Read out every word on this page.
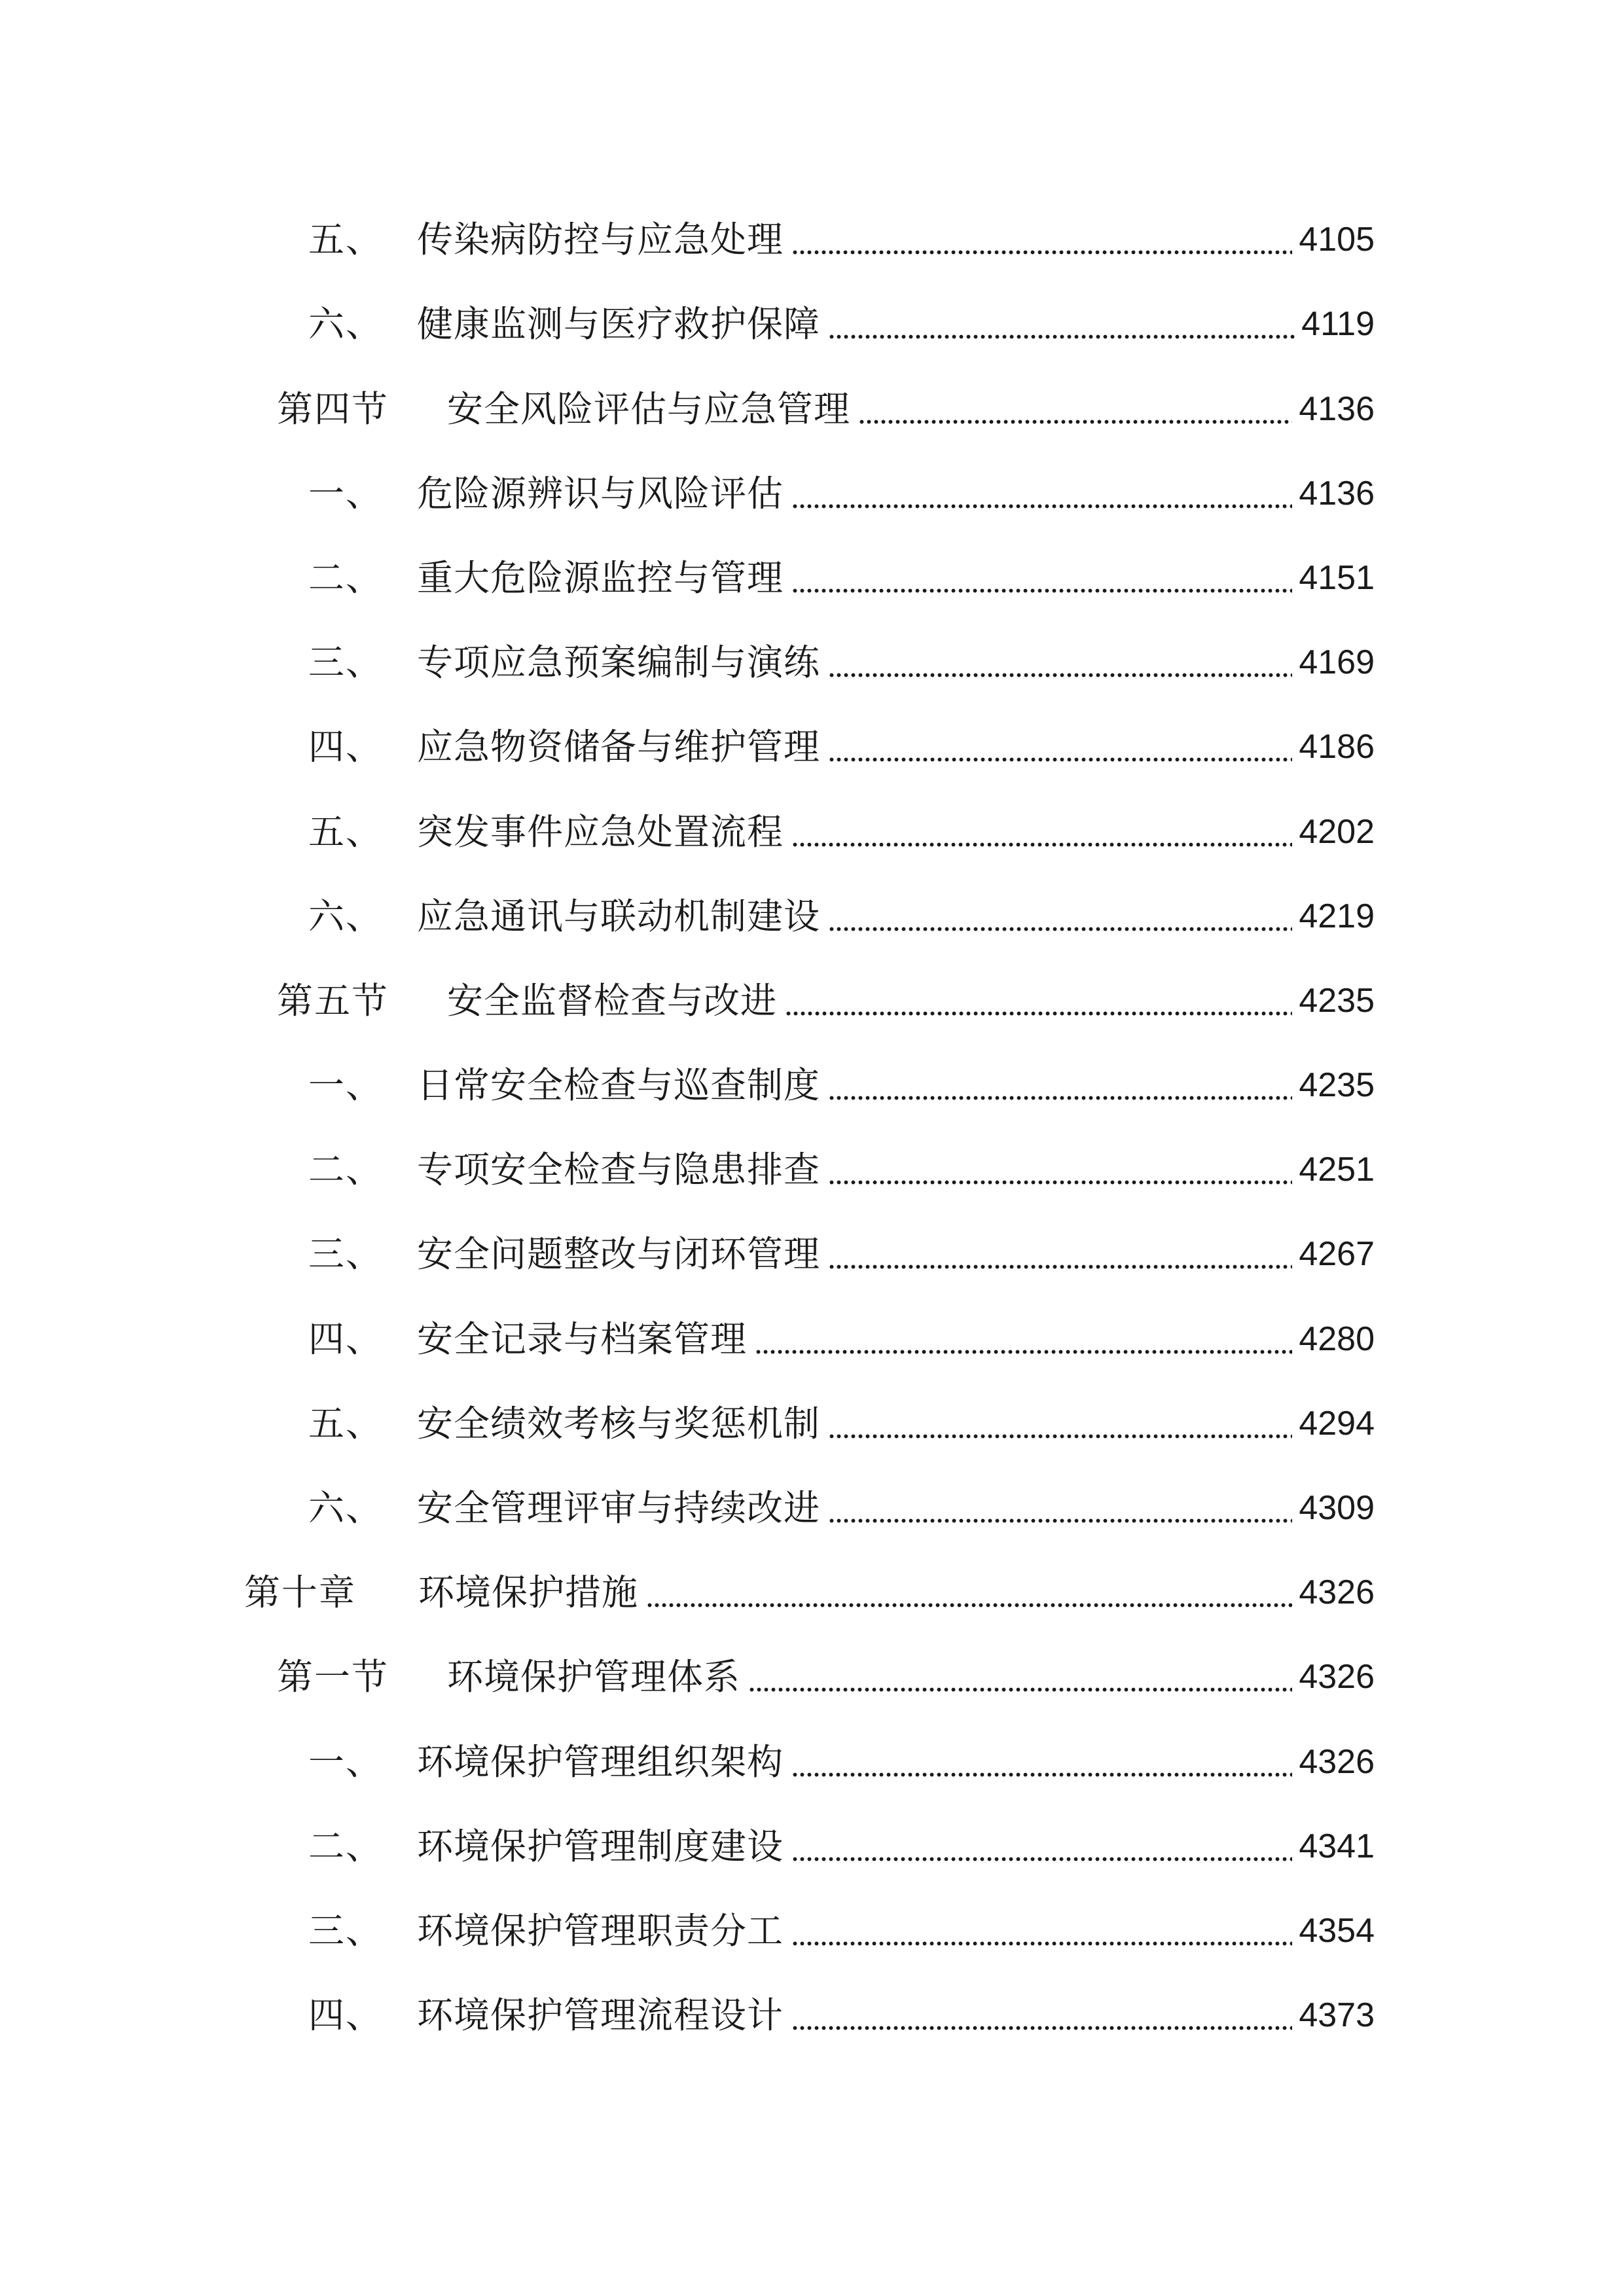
五、 传染病防控与应急处理	4105
六、 健康监测与医疗救护保障	4119
第四节	安全风险评估与应急管理	4136
一、 危险源辨识与风险评估	4136
二、 重大危险源监控与管理	4151
三、 专项应急预案编制与演练	4169
四、 应急物资储备与维护管理	4186
五、 突发事件应急处置流程	4202
六、 应急通讯与联动机制建设	4219
第五节	安全监督检查与改进	4235
一、 日常安全检查与巡查制度	4235
二、 专项安全检查与隐患排查	4251
三、 安全问题整改与闭环管理	4267
四、 安全记录与档案管理	4280
五、 安全绩效考核与奖惩机制	4294
六、 安全管理评审与持续改进	4309
第十章	环境保护措施	4326
第一节	环境保护管理体系	4326
一、 环境保护管理组织架构	4326
二、 环境保护管理制度建设	4341
三、 环境保护管理职责分工	4354
四、 环境保护管理流程设计	4373
